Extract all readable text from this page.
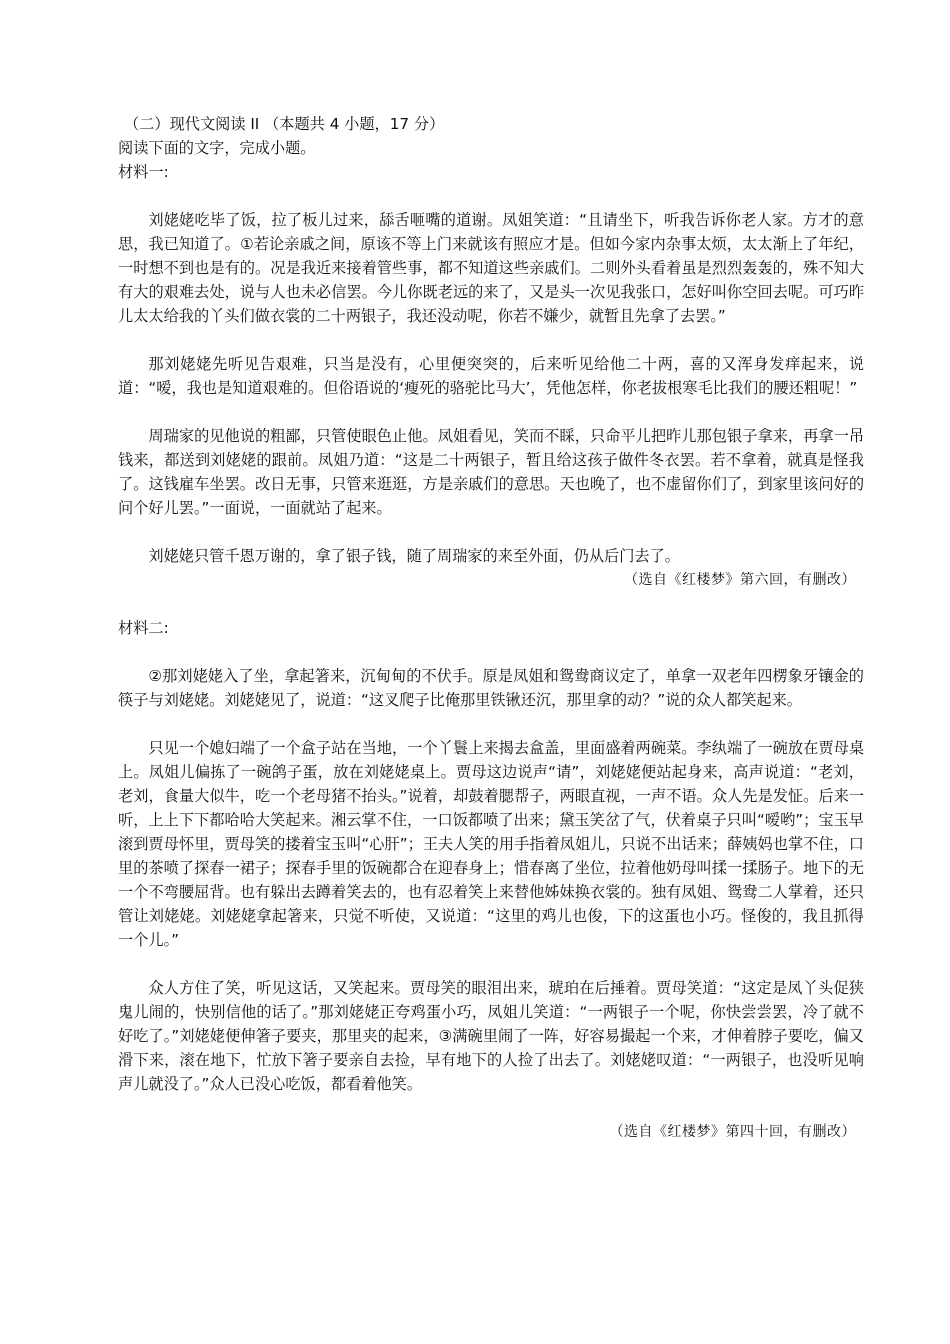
（二）现代文阅读 II （本题共 4 小题，17 分）

阅读下面的文字，完成小题。

材料一:

刘姥姥吃毕了饭，拉了板儿过来，舔舌咂嘴的道谢。凤姐笑道：“且请坐下，听我告诉你老人家。方才的意思，我已知道了。①若论亲戚之间，原该不等上门来就该有照应才是。但如今家内杂事太烦，太太渐上了年纪，一时想不到也是有的。况是我近来接着管些事，都不知道这些亲戚们。二则外头看着虽是烈烈轰轰的，殊不知大有大的艰难去处，说与人也未必信罢。今儿你既老远的来了，又是头一次见我张口，怎好叫你空回去呢。可巧昨儿太太给我的丫头们做衣裳的二十两银子，我还没动呢，你若不嫌少，就暂且先拿了去罢。”

那刘姥姥先听见告艰难，只当是没有，心里便突突的，后来听见给他二十两，喜的又浑身发痒起来，说道：“嗳，我也是知道艰难的。但俗语说的‘瘦死的骆驼比马大’，凭他怎样，你老拔根寒毛比我们的腰还粗呢！”

周瑞家的见他说的粗鄙，只管使眼色止他。凤姐看见，笑而不睬，只命平儿把昨儿那包银子拿来，再拿一吊钱来，都送到刘姥姥的跟前。凤姐乃道：“这是二十两银子，暂且给这孩子做件冬衣罢。若不拿着，就真是怪我了。这钱雇车坐罢。改日无事，只管来逛逛，方是亲戚们的意思。天也晚了，也不虚留你们了，到家里该问好的问个好儿罢。”一面说，一面就站了起来。

刘姥姥只管千恩万谢的，拿了银子钱，随了周瑞家的来至外面，仍从后门去了。

（选自《红楼梦》第六回，有删改）

材料二:

②那刘姥姥入了坐，拿起箸来，沉甸甸的不伏手。原是凤姐和鸳鸯商议定了，单拿一双老年四楞象牙镶金的筷子与刘姥姥。刘姥姥见了，说道：“这叉爬子比俺那里铁锹还沉，那里拿的动？”说的众人都笑起来。

只见一个媳妇端了一个盒子站在当地，一个丫鬟上来揭去盒盖，里面盛着两碗菜。李纨端了一碗放在贾母桌上。凤姐儿偏拣了一碗鸽子蛋，放在刘姥姥桌上。贾母这边说声“请”，刘姥姥便站起身来，高声说道：“老刘，老刘，食量大似牛，吃一个老母猪不抬头。”说着，却鼓着腮帮子，两眼直视，一声不语。众人先是发怔。后来一听，上上下下都哈哈大笑起来。湘云掌不住，一口饭都喷了出来；黛玉笑岔了气，伏着桌子只叫“嗳哟”；宝玉早滚到贾母怀里，贾母笑的搂着宝玉叫“心肝”；王夫人笑的用手指着凤姐儿，只说不出话来；薛姨妈也掌不住，口里的茶喷了探春一裙子；探春手里的饭碗都合在迎春身上；惜春离了坐位，拉着他奶母叫揉一揉肠子。地下的无一个不弯腰屈背。也有躲出去蹲着笑去的，也有忍着笑上来替他姊妹换衣裳的。独有凤姐、鸳鸯二人掌着，还只管让刘姥姥。刘姥姥拿起箸来，只觉不听使，又说道：“这里的鸡儿也俊，下的这蛋也小巧。怪俊的，我且抓得一个儿。”

众人方住了笑，听见这话，又笑起来。贾母笑的眼泪出来，琥珀在后捶着。贾母笑道：“这定是凤丫头促狭鬼儿闹的，快别信他的话了。”那刘姥姥正夸鸡蛋小巧，凤姐儿笑道：“一两银子一个呢，你快尝尝罢，冷了就不好吃了。”刘姥姥便伸箸子要夹，那里夹的起来，③满碗里闹了一阵，好容易撮起一个来，才伸着脖子要吃，偏又滑下来，滚在地下，忙放下箸子要亲自去捡，早有地下的人捡了出去了。刘姥姥叹道：“一两银子，也没听见响声儿就没了。”众人已没心吃饭，都看着他笑。

（选自《红楼梦》第四十回，有删改）
